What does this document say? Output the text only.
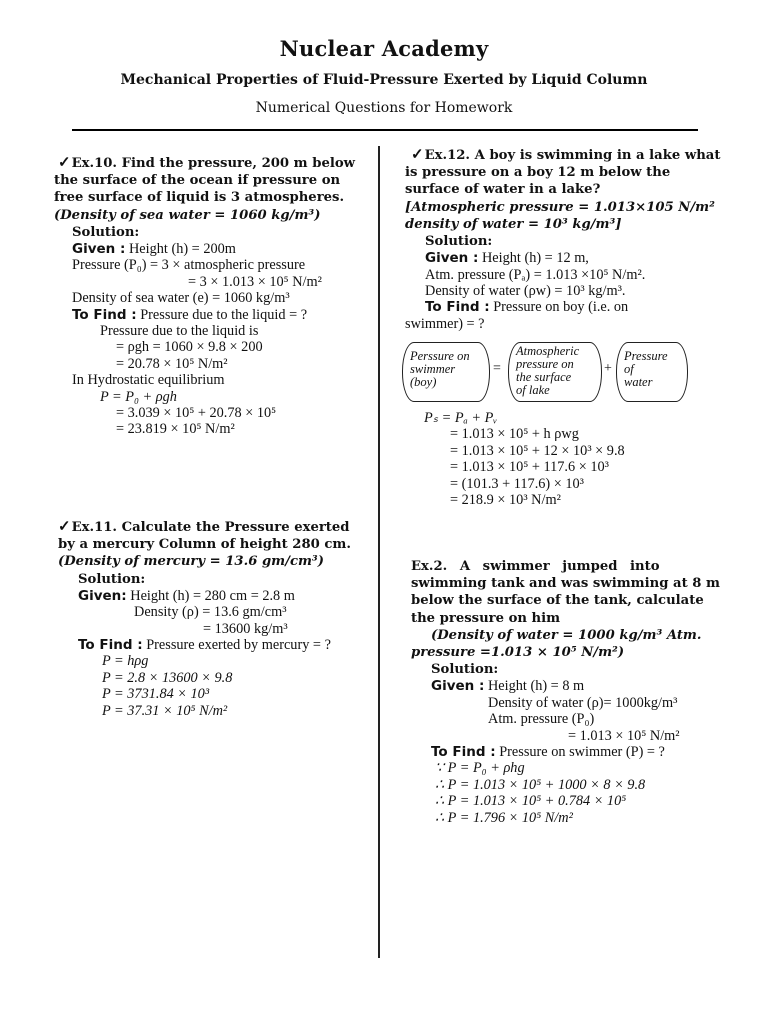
Nuclear Academy
Mechanical Properties of Fluid-Pressure Exerted by Liquid Column
Numerical Questions for Homework
✓Ex.10. Find the pressure, 200 m below
the surface of the ocean if pressure on
free surface of liquid is 3 atmospheres.
(Density of sea water = 1060 kg/m³)
Solution:
Given : Height (h) = 200m
Pressure (P₀) = 3 × atmospheric pressure
= 3 × 1.013 × 10⁵ N/m²
Density of sea water (e) = 1060 kg/m³
To Find : Pressure due to the liquid = ?
Pressure due to the liquid is
= ρgh = 1060 × 9.8 × 200
= 20.78 × 10⁵ N/m²
In Hydrostatic equilibrium
P = P₀ + ρgh
= 3.039 × 10⁵ + 20.78 × 10⁵
= 23.819 × 10⁵ N/m²
✓Ex.11. Calculate the Pressure exerted
by a mercury Column of height 280 cm.
(Density of mercury = 13.6 gm/cm³)
Solution:
Given: Height (h) = 280 cm = 2.8 m
Density (ρ) = 13.6 gm/cm³
= 13600 kg/m³
To Find : Pressure exerted by mercury = ?
P = hρg
P = 2.8 × 13600 × 9.8
P = 3731.84 × 10³
P = 37.31 × 10⁵ N/m²
✓Ex.12. A boy is swimming in a lake what
is pressure on a boy 12 m below the
surface of water in a lake?
[Atmospheric pressure = 1.013×105 N/m²
density of water = 10³ kg/m³]
Solution:
Given : Height (h) = 12 m,
Atm. pressure (Pₐ) = 1.013 ×10⁵ N/m².
Density of water (ρw) = 10³ kg/m³.
To Find : Pressure on boy (i.e. on
swimmer) = ?
Perssure on
swimmer
(boy)
=
Atmospheric
pressure on
the surface
of lake
+
Pressure
of
water
Pₛ = Pₐ + Pᵥ
= 1.013 × 10⁵ + h ρwg
= 1.013 × 10⁵ + 12 × 10³ × 9.8
= 1.013 × 10⁵ + 117.6 × 10³
= (101.3 + 117.6) × 10³
= 218.9 × 10³ N/m²
Ex.2. A swimmer jumped into
swimming tank and was swimming at 8 m
below the surface of the tank, calculate
the pressure on him
(Density of water = 1000 kg/m³ Atm.
pressure =1.013 × 10⁵ N/m²)
Solution:
Given : Height (h) = 8 m
Density of water (ρ)= 1000kg/m³
Atm. pressure (P₀)
= 1.013 × 10⁵ N/m²
To Find : Pressure on swimmer (P) = ?
∵ P = P₀ + ρhg
∴ P = 1.013 × 10⁵ + 1000 × 8 × 9.8
∴ P = 1.013 × 10⁵ + 0.784 × 10⁵
∴ P = 1.796 × 10⁵ N/m²
